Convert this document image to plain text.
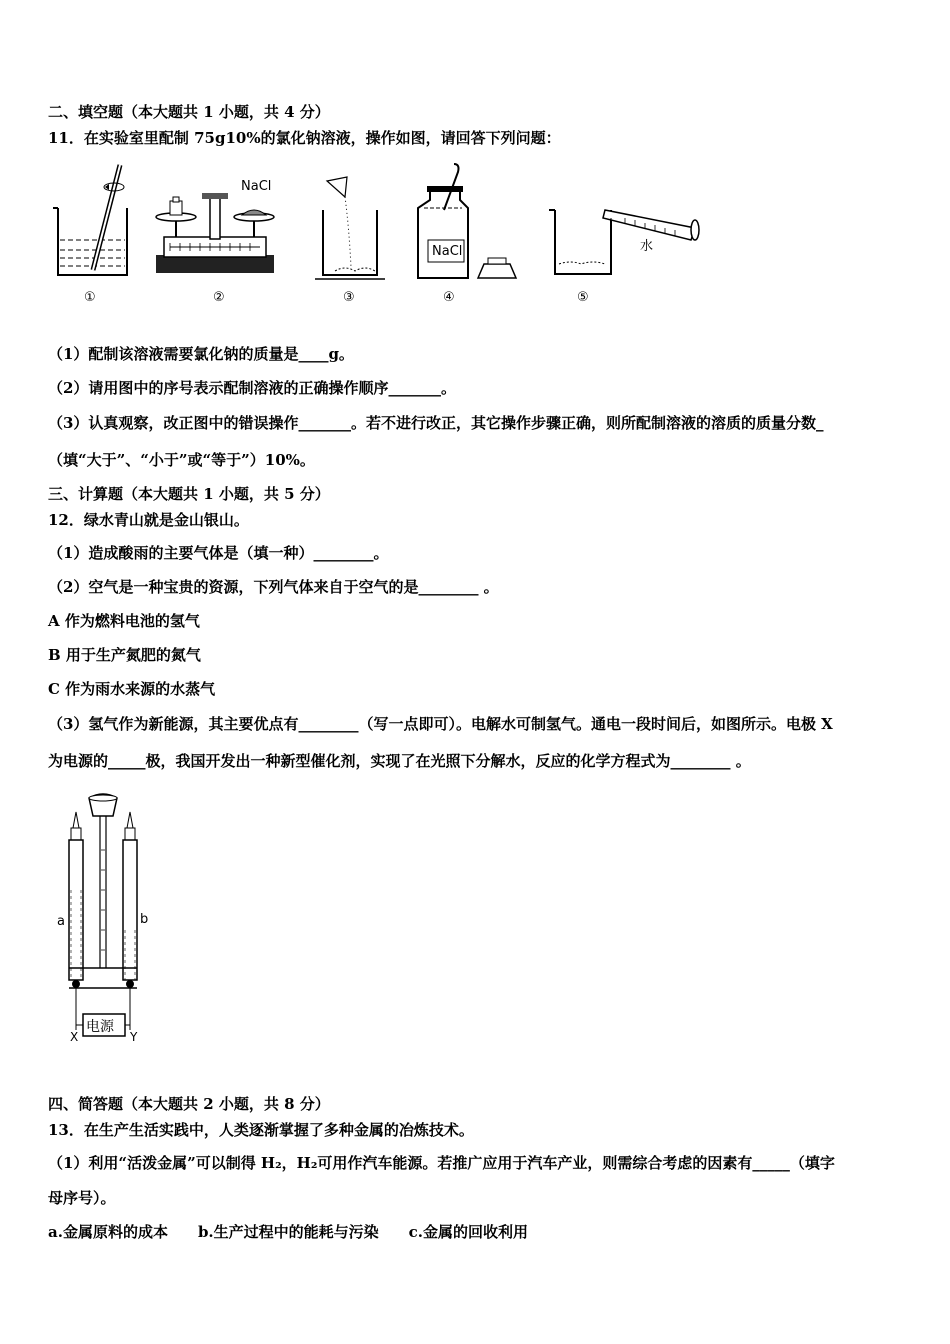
二、填空题（本大题共 1 小题，共 4 分）
11．在实验室里配制 75g10%的氯化钠溶液，操作如图，请回答下列问题：
①
NaCl
②	③
NaCl
④
水
⑤
（1）配制该溶液需要氯化钠的质量是____g。
（2）请用图中的序号表示配制溶液的正确操作顺序_______。
（3）认真观察，改正图中的错误操作_______。若不进行改正，其它操作步骤正确，则所配制溶液的溶质的质量分数_
（填“大于”、“小于”或“等于”）10%。
三、计算题（本大题共 1 小题，共 5 分）
12．绿水青山就是金山银山。
（1）造成酸雨的主要气体是（填一种）________。
（2）空气是一种宝贵的资源，下列气体来自于空气的是________ 。
A 作为燃料电池的氢气
B 用于生产氮肥的氮气
C 作为雨水来源的水蒸气
（3）氢气作为新能源，其主要优点有________（写一点即可）。电解水可制氢气。通电一段时间后，如图所示。电极 X
为电源的_____极，我国开发出一种新型催化剂，实现了在光照下分解水，反应的化学方程式为________ 。
a	b
电源
X	Y
四、简答题（本大题共 2 小题，共 8 分）
13．在生产生活实践中，人类逐渐掌握了多种金属的冶炼技术。
（1）利用“活泼金属”可以制得 H₂，H₂可用作汽车能源。若推广应用于汽车产业，则需综合考虑的因素有_____（填字
母序号）。
a.金属原料的成本　　b.生产过程中的能耗与污染　　c.金属的回收利用
